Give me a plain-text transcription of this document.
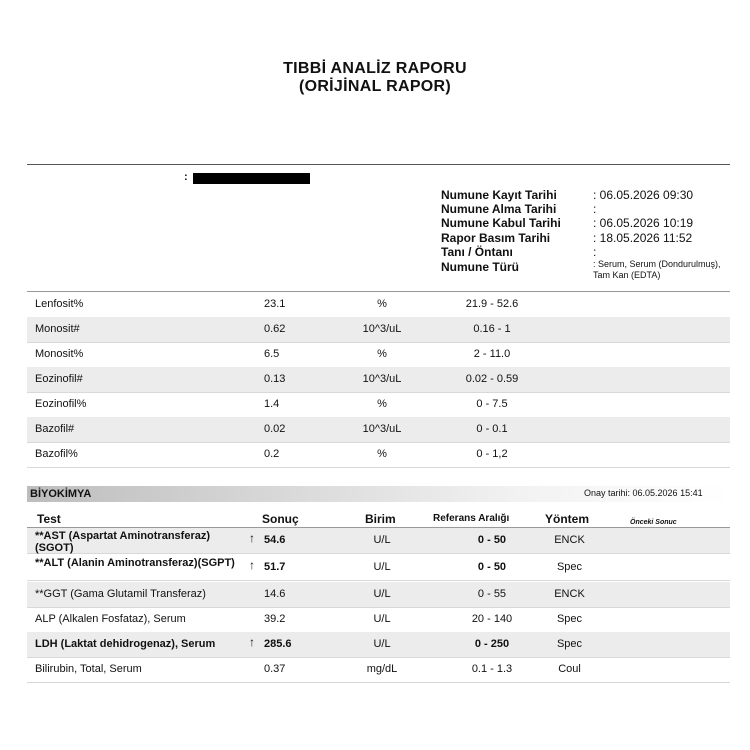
TIBBİ ANALİZ RAPORU
(ORİJİNAL RAPOR)
:
Numune Kayıt Tarihi	: 06.05.2026 09:30
Numune Alma Tarihi	:
Numune Kabul Tarihi	: 06.05.2026 10:19
Rapor Basım Tarihi	: 18.05.2026 11:52
Tanı / Öntanı	:
Numune Türü	: Serum, Serum (Dondurulmuş), Tam Kan (EDTA)
Lenfosit%	23.1	%	21.9 - 52.6
Monosit#	0.62	10^3/uL	0.16 - 1
Monosit%	6.5	%	2 - 11.0
Eozinofil#	0.13	10^3/uL	0.02 - 0.59
Eozinofil%	1.4	%	0 - 7.5
Bazofil#	0.02	10^3/uL	0 - 0.1
Bazofil%	0.2	%	0 - 1,2
BİYOKİMYA	Onay tarihi: 06.05.2026 15:41
Test	Sonuç	Birim	Referans Aralığı	Yöntem	Önceki Sonuc
**AST (Aspartat Aminotransferaz)(SGOT)
↑ 54.6	U/L	0 - 50	ENCK
**ALT (Alanin Aminotransferaz)(SGPT)	↑ 51.7	U/L	0 - 50	Spec
**GGT (Gama Glutamil Transferaz)	14.6	U/L	0 - 55	ENCK
ALP (Alkalen Fosfataz), Serum	39.2	U/L	20 - 140	Spec
LDH (Laktat dehidrogenaz), Serum	↑ 285.6	U/L	0 - 250	Spec
Bilirubin, Total, Serum	0.37	mg/dL	0.1 - 1.3	Coul
